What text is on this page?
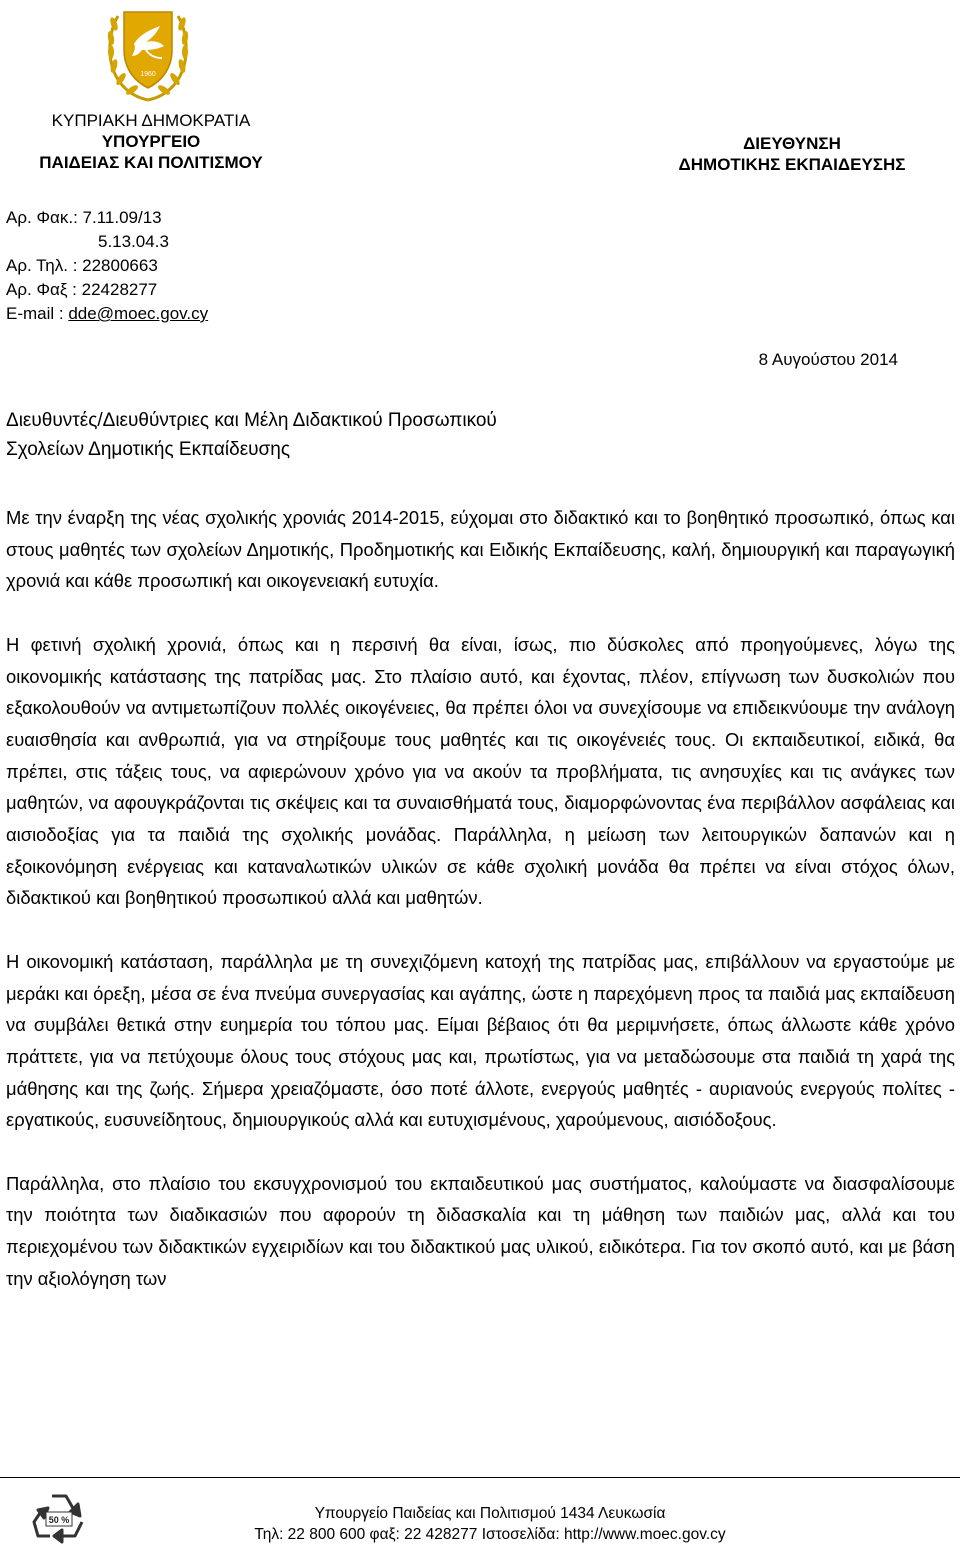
1960
ΚΥΠΡΙΑΚΗ ΔΗΜΟΚΡΑΤΙΑ
ΥΠΟΥΡΓΕΙΟ
ΠΑΙΔΕΙΑΣ ΚΑΙ ΠΟΛΙΤΙΣΜΟΥ
ΔΙΕΥΘΥΝΣΗ
ΔΗΜΟΤΙΚΗΣ ΕΚΠΑΙΔΕΥΣΗΣ
Αρ. Φακ.: 7.11.09/13
5.13.04.3
Αρ. Τηλ. : 22800663
Αρ. Φαξ : 22428277
E-mail : dde@moec.gov.cy
8 Αυγούστου 2014
Διευθυντές/Διευθύντριες και Μέλη Διδακτικού Προσωπικού
Σχολείων Δημοτικής Εκπαίδευσης

Με την έναρξη της νέας σχολικής χρονιάς 2014-2015, εύχομαι στο διδακτικό και το βοηθητικό προσωπικό, όπως και στους μαθητές των σχολείων Δημοτικής, Προδημοτικής και Ειδικής Εκπαίδευσης, καλή, δημιουργική και παραγωγική χρονιά και κάθε προσωπική και οικογενειακή ευτυχία.

Η φετινή σχολική χρονιά, όπως και η περσινή θα είναι, ίσως, πιο δύσκολες από προηγούμενες, λόγω της οικονομικής κατάστασης της πατρίδας μας. Στο πλαίσιο αυτό, και έχοντας, πλέον, επίγνωση των δυσκολιών που εξακολουθούν να αντιμετωπίζουν πολλές οικογένειες, θα πρέπει όλοι να συνεχίσουμε να επιδεικνύουμε την ανάλογη ευαισθησία και ανθρωπιά, για να στηρίξουμε τους μαθητές και τις οικογένειές τους. Οι εκπαιδευτικοί, ειδικά, θα πρέπει, στις τάξεις τους, να αφιερώνουν χρόνο για να ακούν τα προβλήματα, τις ανησυχίες και τις ανάγκες των μαθητών, να αφουγκράζονται τις σκέψεις και τα συναισθήματά τους, διαμορφώνοντας ένα περιβάλλον ασφάλειας και αισιοδοξίας για τα παιδιά της σχολικής μονάδας. Παράλληλα, η μείωση των λειτουργικών δαπανών και η εξοικονόμηση ενέργειας και καταναλωτικών υλικών σε κάθε σχολική μονάδα θα πρέπει να είναι στόχος όλων, διδακτικού και βοηθητικού προσωπικού αλλά και μαθητών.

Η οικονομική κατάσταση, παράλληλα με τη συνεχιζόμενη κατοχή της πατρίδας μας, επιβάλλουν να εργαστούμε με μεράκι και όρεξη, μέσα σε ένα πνεύμα συνεργασίας και αγάπης, ώστε η παρεχόμενη προς τα παιδιά μας εκπαίδευση να συμβάλει θετικά στην ευημερία του τόπου μας. Είμαι βέβαιος ότι θα μεριμνήσετε, όπως άλλωστε κάθε χρόνο πράττετε, για να πετύχουμε όλους τους στόχους μας και, πρωτίστως, για να μεταδώσουμε στα παιδιά τη χαρά της μάθησης και της ζωής. Σήμερα χρειαζόμαστε, όσο ποτέ άλλοτε, ενεργούς μαθητές - αυριανούς ενεργούς πολίτες - εργατικούς, ευσυνείδητους, δημιουργικούς αλλά και ευτυχισμένους, χαρούμενους, αισιόδοξους.

Παράλληλα, στο πλαίσιο του εκσυγχρονισμού του εκπαιδευτικού μας συστήματος, καλούμαστε να διασφαλίσουμε την ποιότητα των διαδικασιών που αφορούν τη διδασκαλία και τη μάθηση των παιδιών μας, αλλά και του περιεχομένου των διδακτικών εγχειριδίων και του διδακτικού μας υλικού, ειδικότερα. Για τον σκοπό αυτό, και με βάση την αξιολόγηση των

50 %	Υπουργείο Παιδείας και Πολιτισμού 1434 Λευκωσία
Τηλ: 22 800 600 φαξ: 22 428277 Ιστοσελίδα: http://www.moec.gov.cy
